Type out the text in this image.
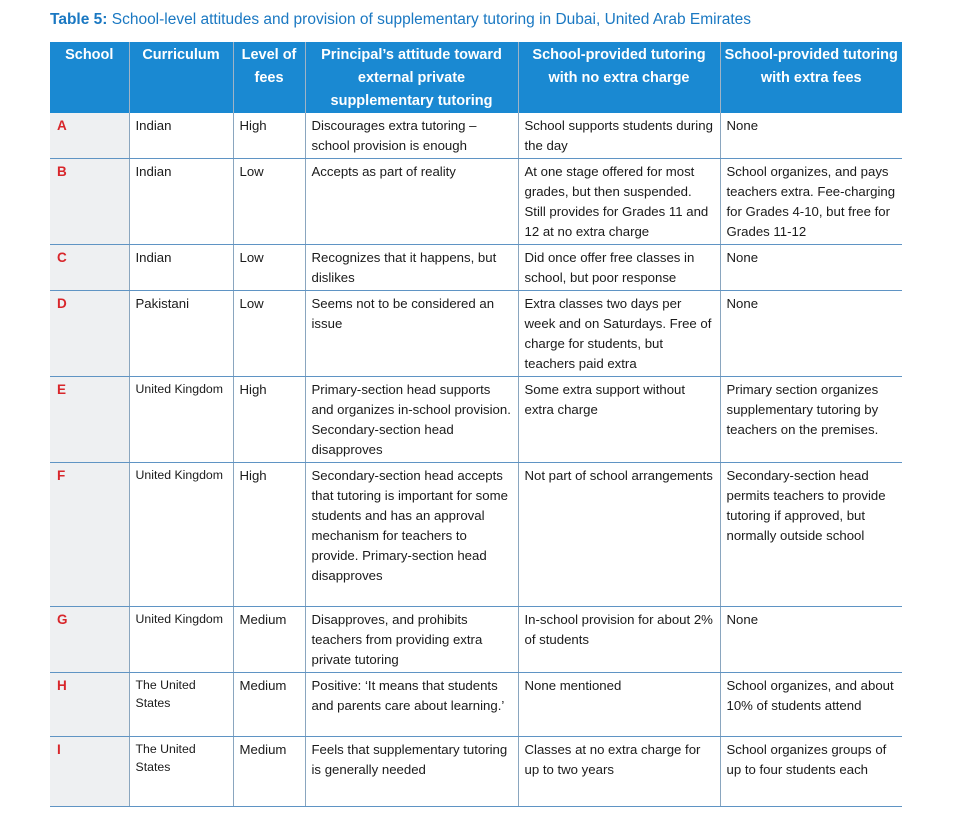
Table 5: School-level attitudes and provision of supplementary tutoring in Dubai, United Arab Emirates
School	Curriculum	Level of fees	Principal’s attitude toward external private supplementary tutoring	School-provided tutoring with no extra charge	School-provided tutoring with extra fees
A	Indian	High	Discourages extra tutoring – school provision is enough	School supports students during the day	None
B	Indian	Low	Accepts as part of reality	At one stage offered for most grades, but then suspended. Still provides for Grades 11 and 12 at no extra charge	School organizes, and pays teachers extra. Fee-charging for Grades 4-10, but free for Grades 11-12
C	Indian	Low	Recognizes that it happens, but dislikes	Did once offer free classes in school, but poor response	None
D	Pakistani	Low	Seems not to be considered an issue	Extra classes two days per week and on Saturdays. Free of charge for students, but teachers paid extra	None
E	United Kingdom	High	Primary-section head supports and organizes in-school provision. Secondary-section head disapproves	Some extra support without extra charge	Primary section organizes supplementary tutoring by teachers on the premises.
F	United Kingdom	High	Secondary-section head accepts that tutoring is important for some students and has an approval mechanism for teachers to provide. Primary-section head disapproves	Not part of school arrangements	Secondary-section head permits teachers to provide tutoring if approved, but normally outside school
G	United Kingdom	Medium	Disapproves, and prohibits teachers from providing extra private tutoring	In-school provision for about 2% of students	None
H	The United States	Medium	Positive: ‘It means that students and parents care about learning.’	None mentioned	School organizes, and about 10% of students attend
I	The United States	Medium	Feels that supplementary tutoring is generally needed	Classes at no extra charge for up to two years	School organizes groups of up to four students each
